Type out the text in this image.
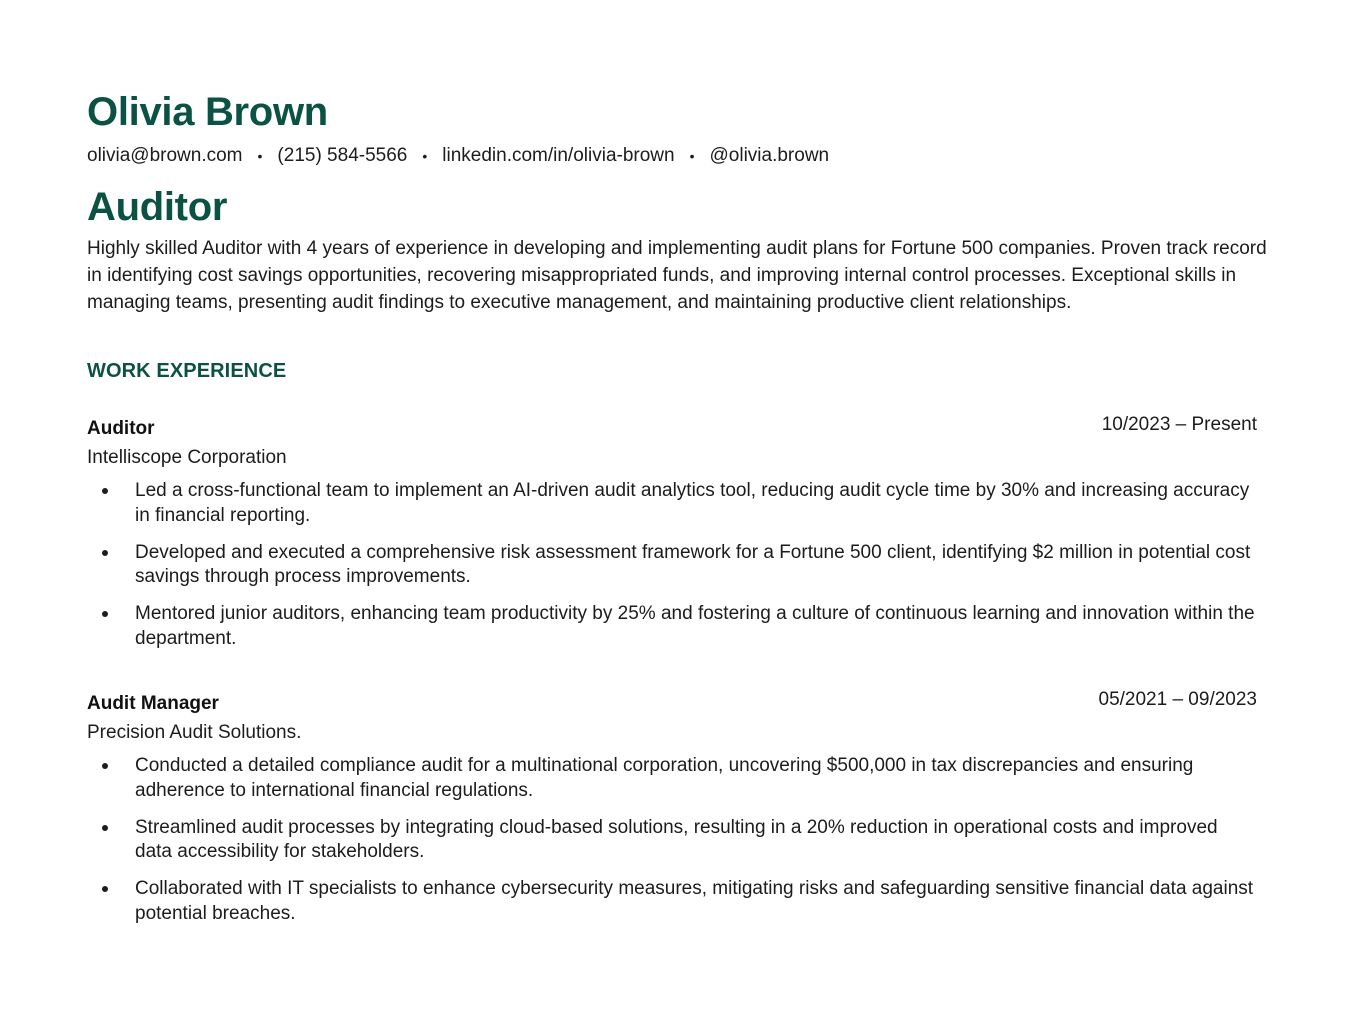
Olivia Brown
olivia@brown.com • (215) 584-5566 • linkedin.com/in/olivia-brown • @olivia.brown
Auditor

Highly skilled Auditor with 4 years of experience in developing and implementing audit plans for Fortune 500 companies. Proven track record in identifying cost savings opportunities, recovering misappropriated funds, and improving internal control processes. Exceptional skills in managing teams, presenting audit findings to executive management, and maintaining productive client relationships.

WORK EXPERIENCE
Auditor	10/2023 – Present
Intelliscope Corporation
Led a cross-functional team to implement an AI-driven audit analytics tool, reducing audit cycle time by 30% and increasing accuracy in financial reporting.
Developed and executed a comprehensive risk assessment framework for a Fortune 500 client, identifying $2 million in potential cost savings through process improvements.
Mentored junior auditors, enhancing team productivity by 25% and fostering a culture of continuous learning and innovation within the department.
Audit Manager	05/2021 – 09/2023
Precision Audit Solutions.
Conducted a detailed compliance audit for a multinational corporation, uncovering $500,000 in tax discrepancies and ensuring adherence to international financial regulations.
Streamlined audit processes by integrating cloud-based solutions, resulting in a 20% reduction in operational costs and improved data accessibility for stakeholders.
Collaborated with IT specialists to enhance cybersecurity measures, mitigating risks and safeguarding sensitive financial data against potential breaches.
